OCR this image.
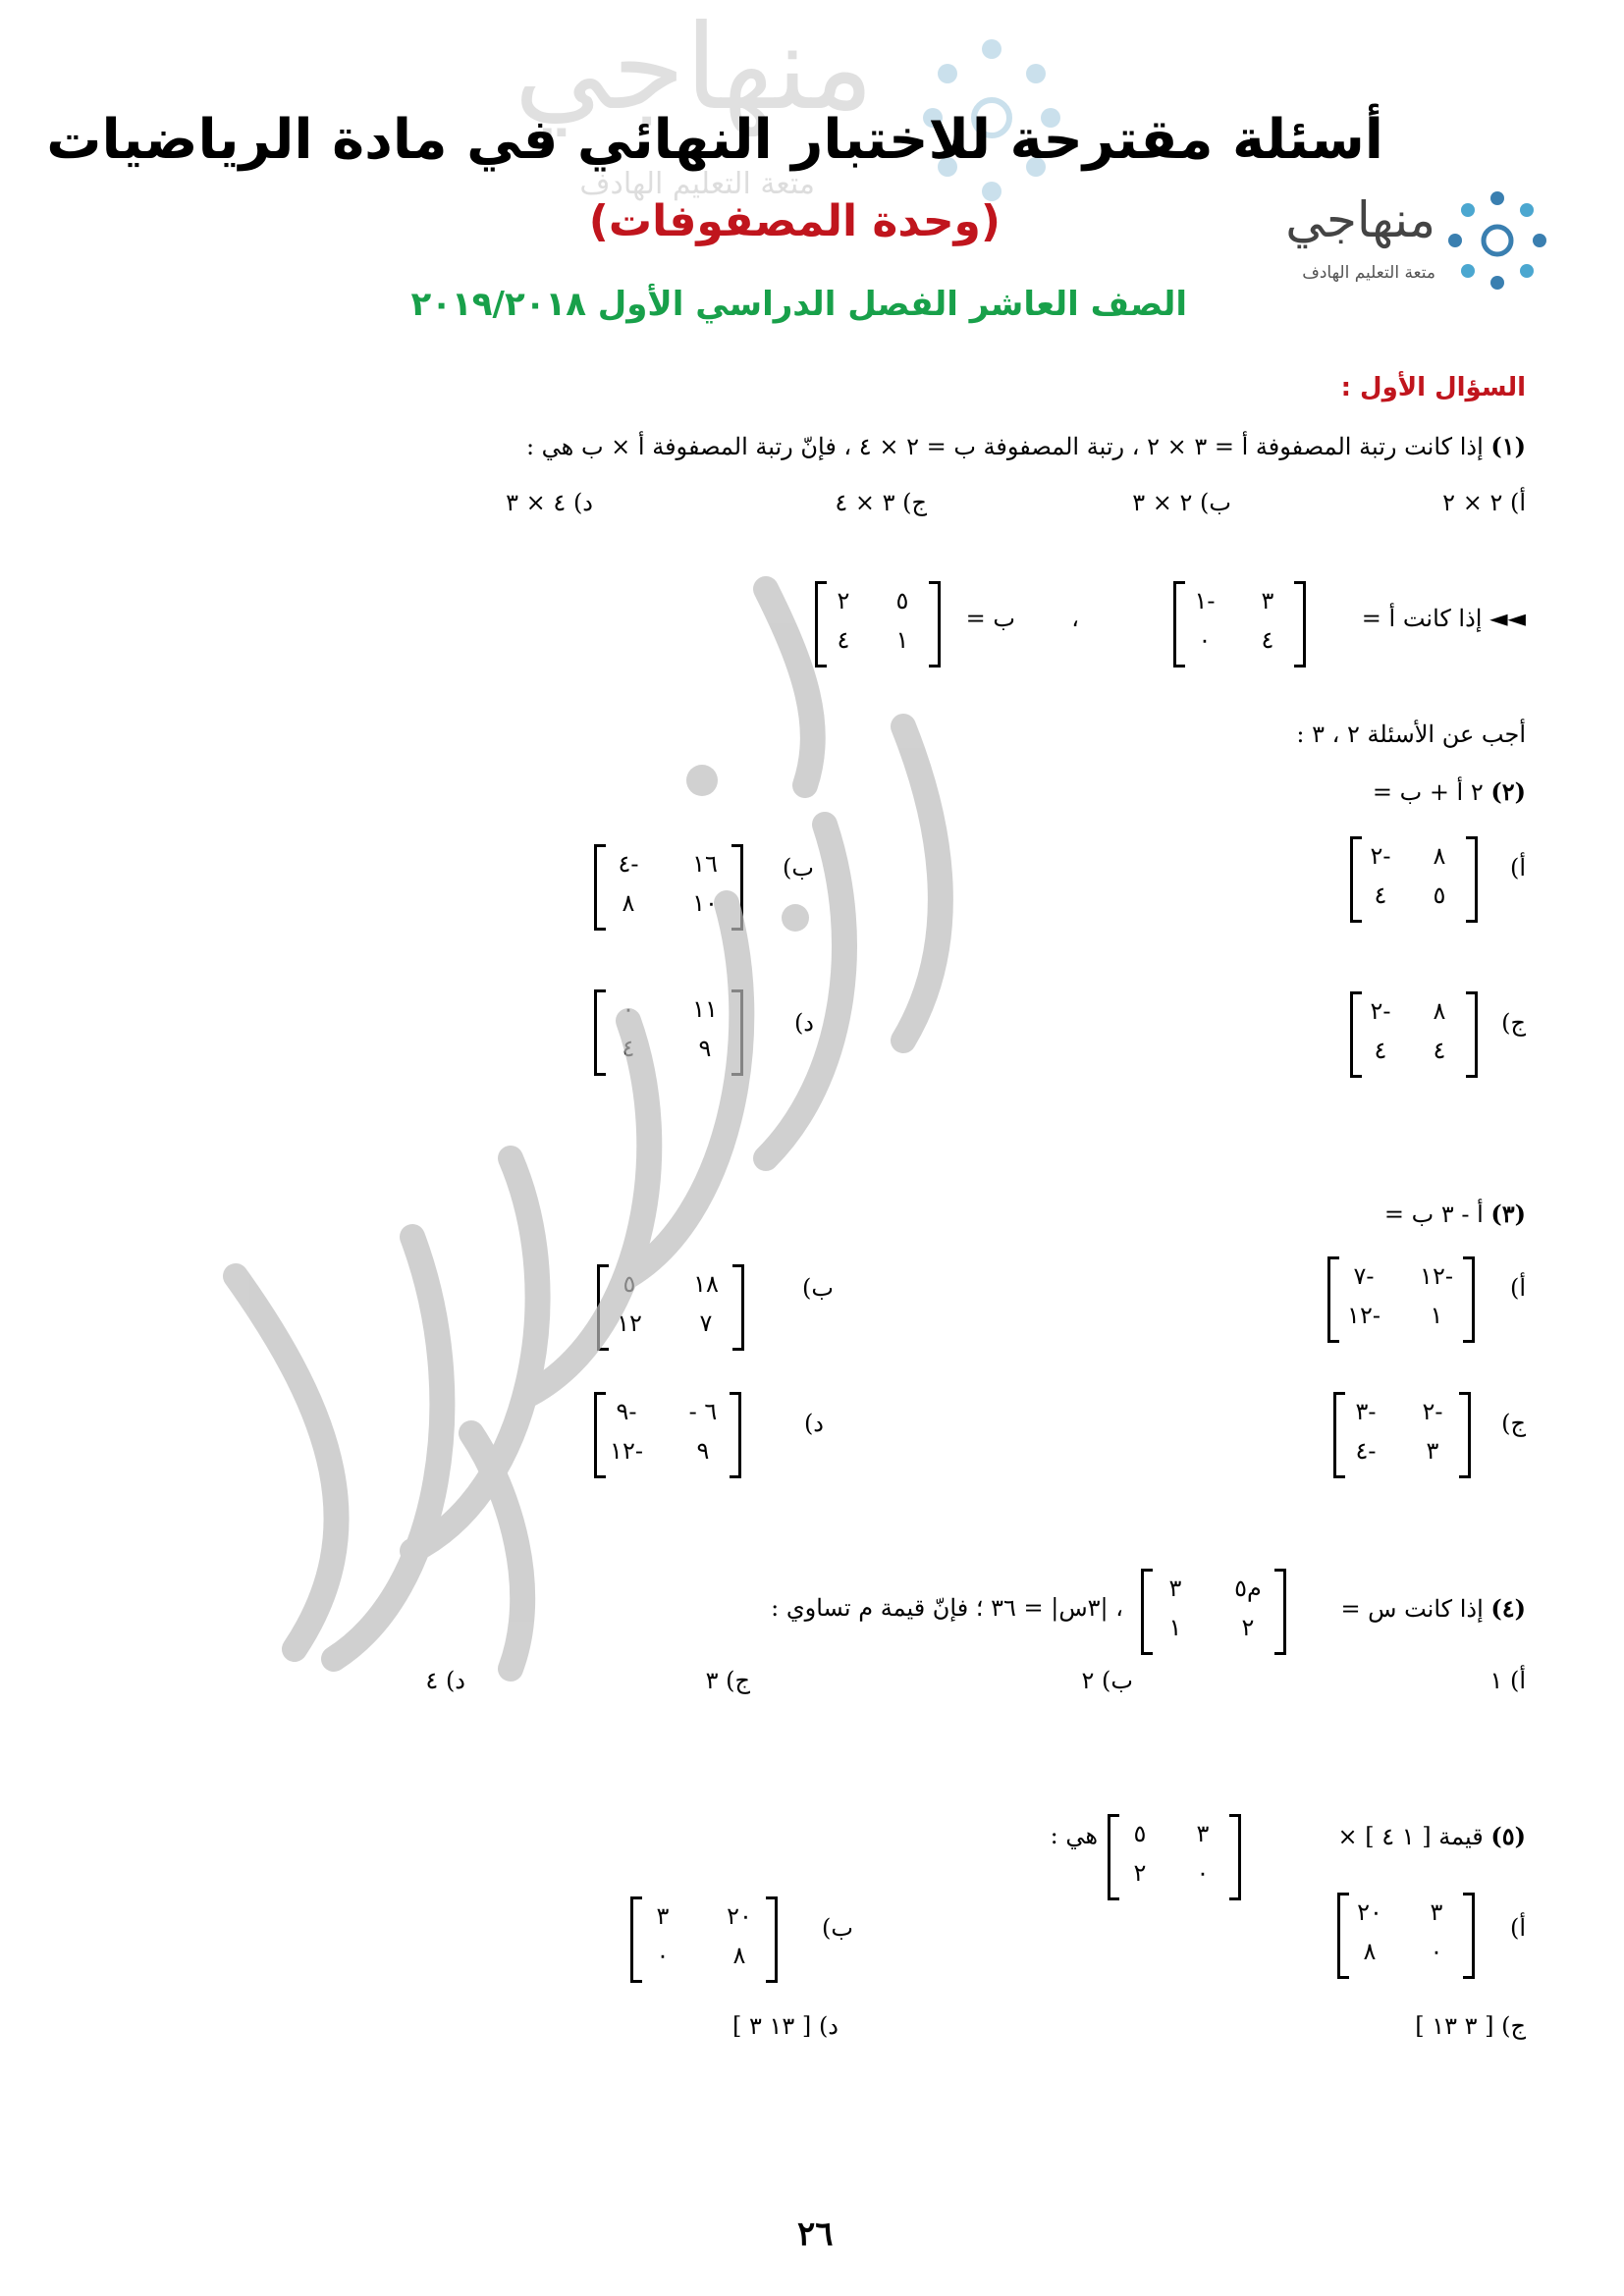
منهاجي
متعة التعليم الهادف
أسئلة مقترحة للاختبار النهائي في مادة الرياضيات
(وحدة المصفوفات)
الصف العاشر الفصل الدراسي الأول ٢٠١٩/٢٠١٨
منهاجي
متعة التعليم الهادف
السؤال الأول :
(١) إذا كانت رتبة المصفوفة أ = ٣ × ٢ ، رتبة المصفوفة ب = ٢ × ٤ ، فإنّ رتبة المصفوفة أ × ب هي :
أ) ٢ × ٢
ب) ٢ × ٣
ج) ٣ × ٤
د) ٤ × ٣
◄◄ إذا كانت أ =
٣
-١
٤
٠
،
ب =
٥
٢
١
٤
أجب عن الأسئلة ٢ ، ٣ :
(٢) ٢ أ + ب =
أ)
٨
-٢
٥
٤
ب)
١٦
-٤
١٠
٨
ج)
٨
-٢
٤
٤
د)
١١
٠
٩
٤
(٣) أ - ٣ ب =
أ)
-١٢
-٧
١
-١٢
ب)
١٨
٥
٧
١٢
ج)
-٢
-٣
٣
-٤
د)
٦ -
-٩
٩
-١٢
(٤) إذا كانت س =
م٥
٣
٢
١
، |٣س| = ٣٦ ؛ فإنّ قيمة م تساوي :
أ) ١
ب) ٢
ج) ٣
د) ٤
(٥) قيمة [ ١ ٤ ] ×
٣
٥
٠
٢
هي :
أ)
٣
٢٠
٠
٨
ب)
٢٠
٣
٨
٠
ج) [ ٣ ١٣ ]
د) [ ١٣ ٣ ]
٢٦
